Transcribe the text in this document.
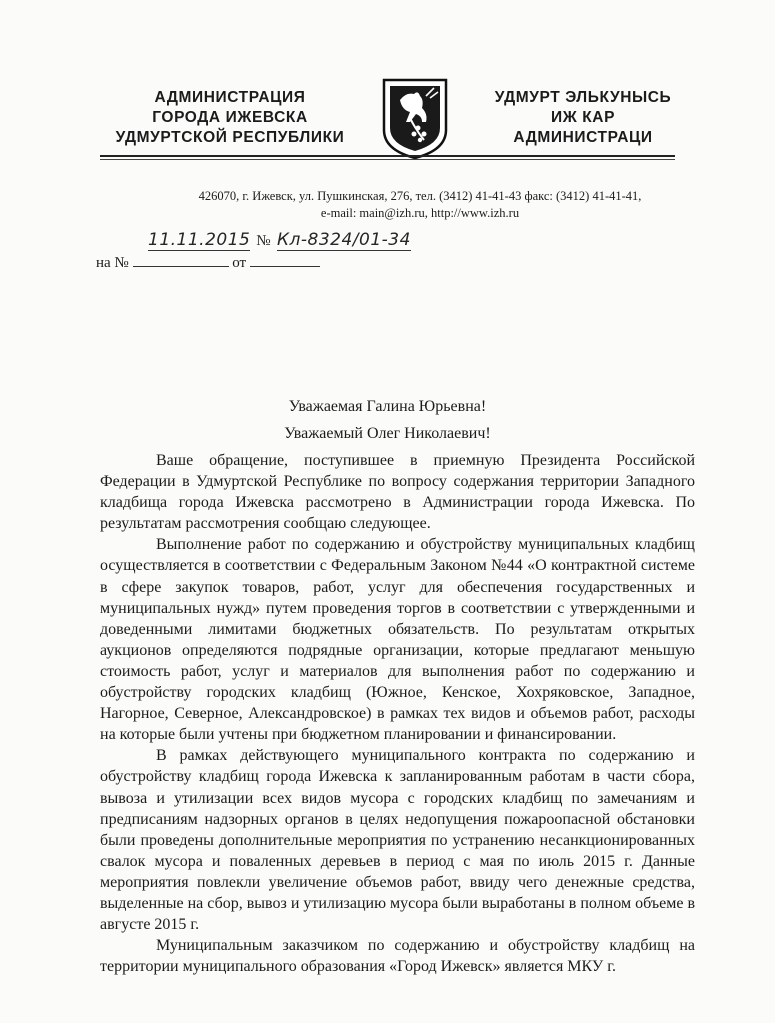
АДМИНИСТРАЦИЯ
ГОРОДА ИЖЕВСКА
УДМУРТСКОЙ РЕСПУБЛИКИ
УДМУРТ ЭЛЬКУНЫСЬ
ИЖ КАР
АДМИНИСТРАЦИ
426070, г. Ижевск, ул. Пушкинская, 276, тел. (3412) 41-41-43 факс: (3412) 41-41-41,
e-mail: main@izh.ru, http://www.izh.ru
11.11.2015 № Кл-8324/01-34
на №	от
Уважаемая Галина Юрьевна!
Уважаемый Олег Николаевич!

Ваше обращение, поступившее в приемную Президента Российской Федерации в Удмуртской Республике по вопросу содержания территории Западного кладбища города Ижевска рассмотрено в Администрации города Ижевска. По результатам рассмотрения сообщаю следующее.

Выполнение работ по содержанию и обустройству муниципальных кладбищ осуществляется в соответствии с Федеральным Законом №44 «О контрактной системе в сфере закупок товаров, работ, услуг для обеспечения государственных и муниципальных нужд» путем проведения торгов в соответствии с утвержденными и доведенными лимитами бюджетных обязательств. По результатам открытых аукционов определяются подрядные организации, которые предлагают меньшую стоимость работ, услуг и материалов для выполнения работ по содержанию и обустройству городских кладбищ (Южное, Кенское, Хохряковское, Западное, Нагорное, Северное, Александровское) в рамках тех видов и объемов работ, расходы на которые были учтены при бюджетном планировании и финансировании.

В рамках действующего муниципального контракта по содержанию и обустройству кладбищ города Ижевска к запланированным работам в части сбора, вывоза и утилизации всех видов мусора с городских кладбищ по замечаниям и предписаниям надзорных органов в целях недопущения пожароопасной обстановки были проведены дополнительные мероприятия по устранению несанкционированных свалок мусора и поваленных деревьев в период с мая по июль 2015 г. Данные мероприятия повлекли увеличение объемов работ, ввиду чего денежные средства, выделенные на сбор, вывоз и утилизацию мусора были выработаны в полном объеме в августе 2015 г.

Муниципальным заказчиком по содержанию и обустройству кладбищ на территории муниципального образования «Город Ижевск» является МКУ г.
